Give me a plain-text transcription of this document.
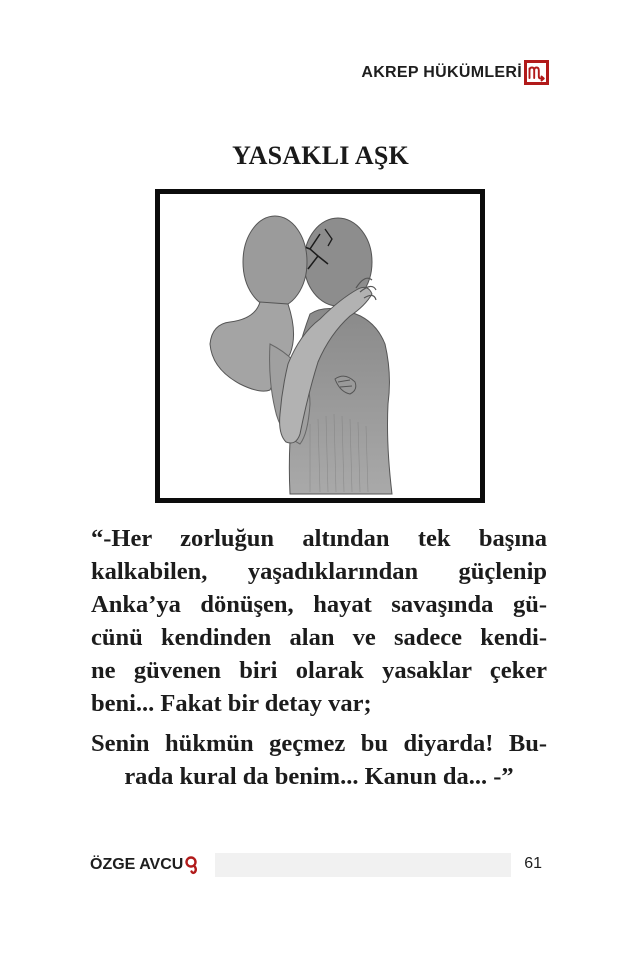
AKREP HÜKÜMLERİ
YASAKLI AŞK
“-Her zorluğun altından tek başına
kalkabilen, yaşadıklarından güçlenip
Anka’ya dönüşen, hayat savaşında gü-
cünü kendinden alan ve sadece kendi-
ne güvenen biri olarak yasaklar çeker
beni... Fakat bir detay var;
Senin hükmün geçmez bu diyarda! Bu-
rada kural da benim... Kanun da... -”
ÖZGE AVCU	61
